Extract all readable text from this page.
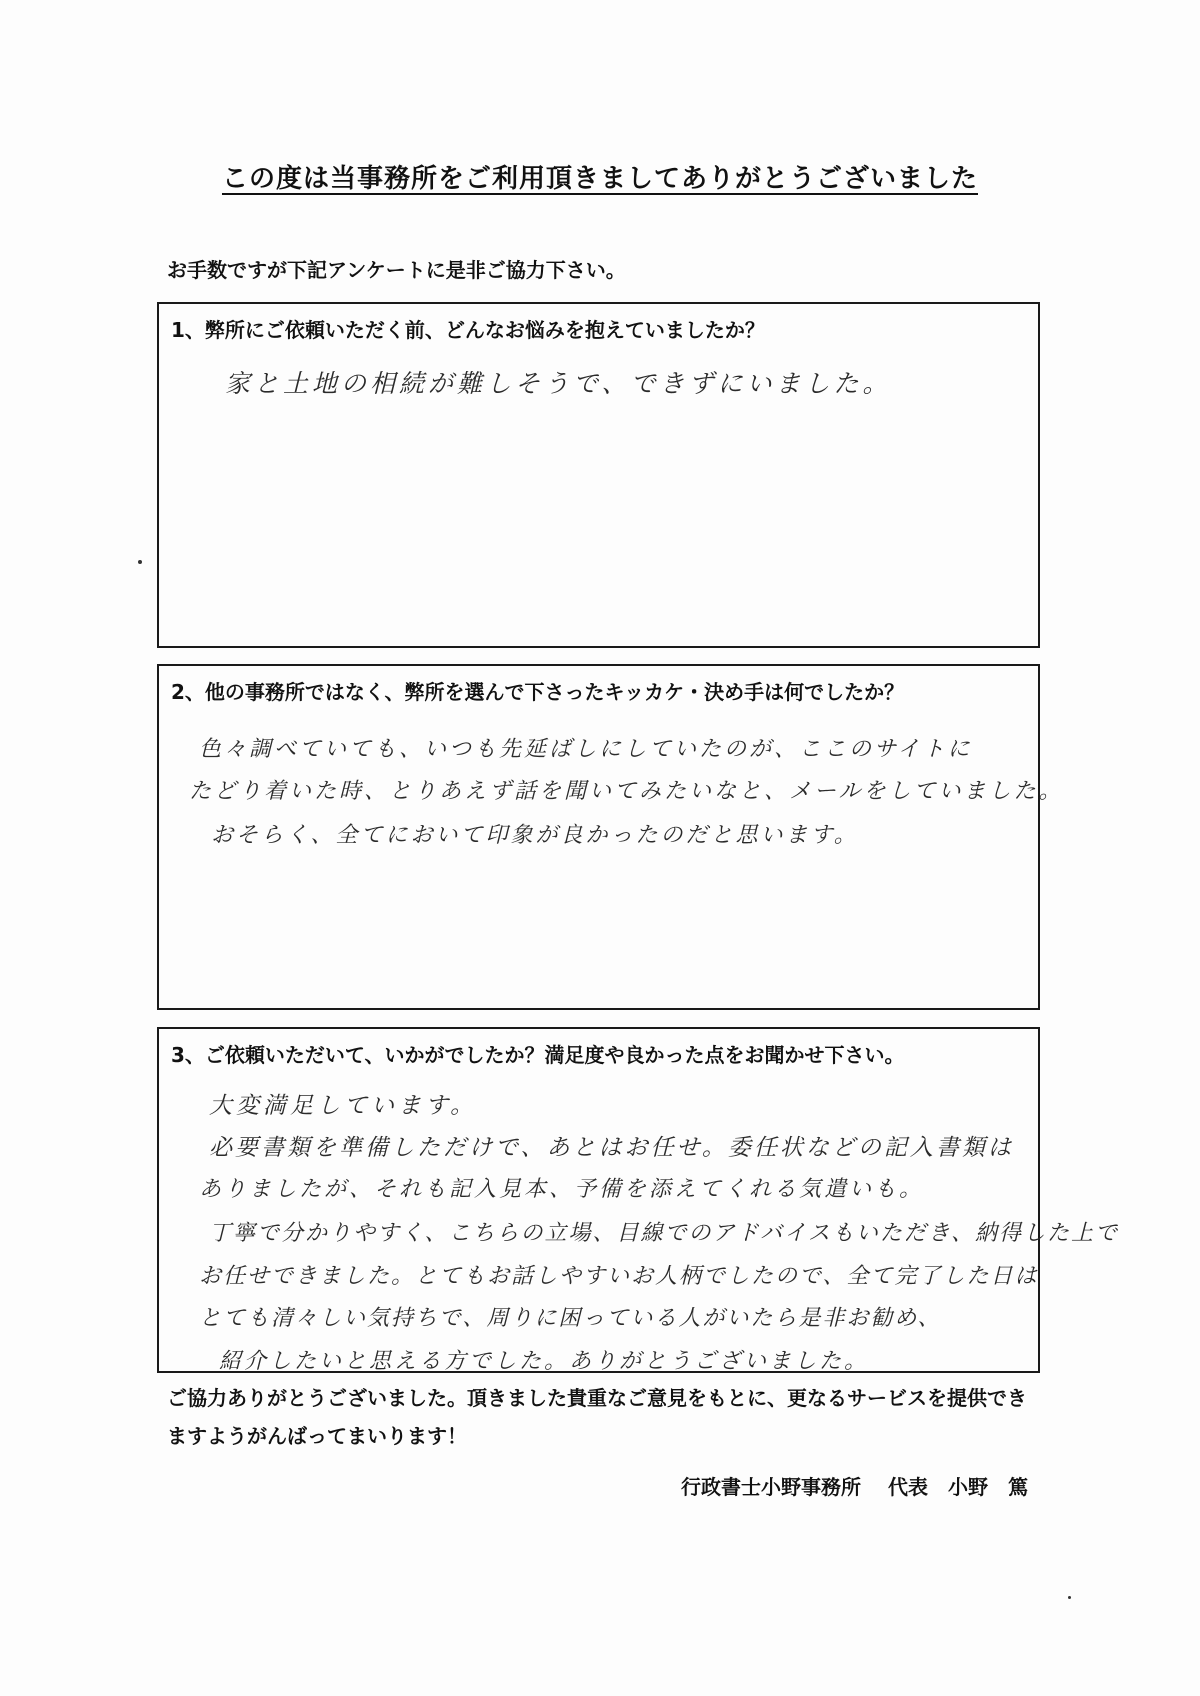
この度は当事務所をご利用頂きましてありがとうございました
お手数ですが下記アンケートに是非ご協力下さい。
1、弊所にご依頼いただく前、どんなお悩みを抱えていましたか？
家と土地の相続が難しそうで、できずにいました。
2、他の事務所ではなく、弊所を選んで下さったキッカケ・決め手は何でしたか？
色々調べていても、いつも先延ばしにしていたのが、ここのサイトに
たどり着いた時、とりあえず話を聞いてみたいなと、メールをしていました。
おそらく、全てにおいて印象が良かったのだと思います。
3、ご依頼いただいて、いかがでしたか？満足度や良かった点をお聞かせ下さい。
大変満足しています。
必要書類を準備しただけで、あとはお任せ。委任状などの記入書類は
ありましたが、それも記入見本、予備を添えてくれる気遣いも。
丁寧で分かりやすく、こちらの立場、目線でのアドバイスもいただき、納得した上で
お任せできました。とてもお話しやすいお人柄でしたので、全て完了した日は
とても清々しい気持ちで、周りに困っている人がいたら是非お勧め、
紹介したいと思える方でした。ありがとうございました。
ご協力ありがとうございました。頂きました貴重なご意見をもとに、更なるサービスを提供でき
ますようがんばってまいります！
行政書士小野事務所　 代表　小野　篤
